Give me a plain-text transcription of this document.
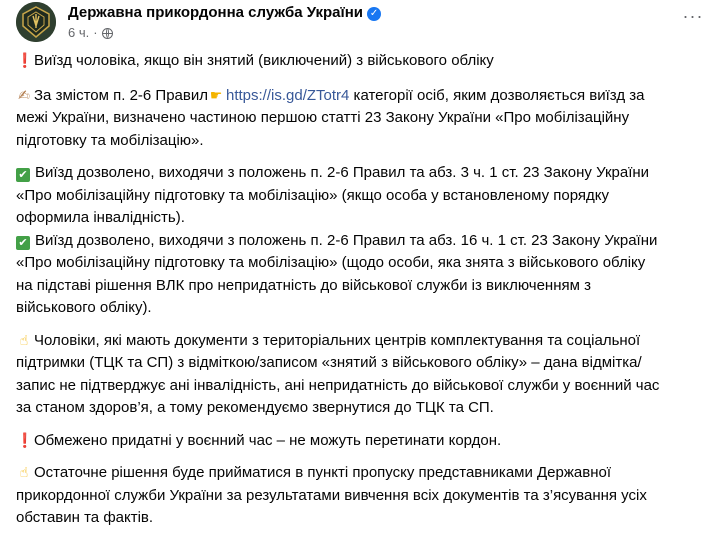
Державна прикордонна служба України ✓
6 ч. ·
···
❗Виїзд чоловіка, якщо він знятий (виключений) з військового обліку
✍ За змістом п. 2-6 Правил ☛ https://is.gd/ZTotr4 категорії осіб, яким дозволяється виїзд за
межі України, визначено частиною першою статті 23 Закону України «Про мобілізаційну
підготовку та мобілізацію».
✔ Виїзд дозволено, виходячи з положень п. 2-6 Правил та абз. 3 ч. 1 ст. 23 Закону України
«Про мобілізаційну підготовку та мобілізацію» (якщо особа у встановленому порядку
оформила інвалідність).
✔ Виїзд дозволено, виходячи з положень п. 2-6 Правил та абз. 16 ч. 1 ст. 23 Закону України
«Про мобілізаційну підготовку та мобілізацію» (щодо особи, яка знята з військового обліку
на підставі рішення ВЛК про непридатність до військової служби із виключенням з
військового обліку).
☝ Чоловіки, які мають документи з територіальних центрів комплектування та соціальної
підтримки (ТЦК та СП) з відміткою/записом «знятий з військового обліку» – дана відмітка/
запис не підтверджує ані інвалідність, ані непридатність до військової служби у воєнний час
за станом здоров’я, а тому рекомендуємо звернутися до ТЦК та СП.
❗Обмежено придатні у воєнний час – не можуть перетинати кордон.
☝ Остаточне рішення буде прийматися в пункті пропуску представниками Державної
прикордонної служби України за результатами вивчення всіх документів та з’ясування усіх
обставин та фактів.
